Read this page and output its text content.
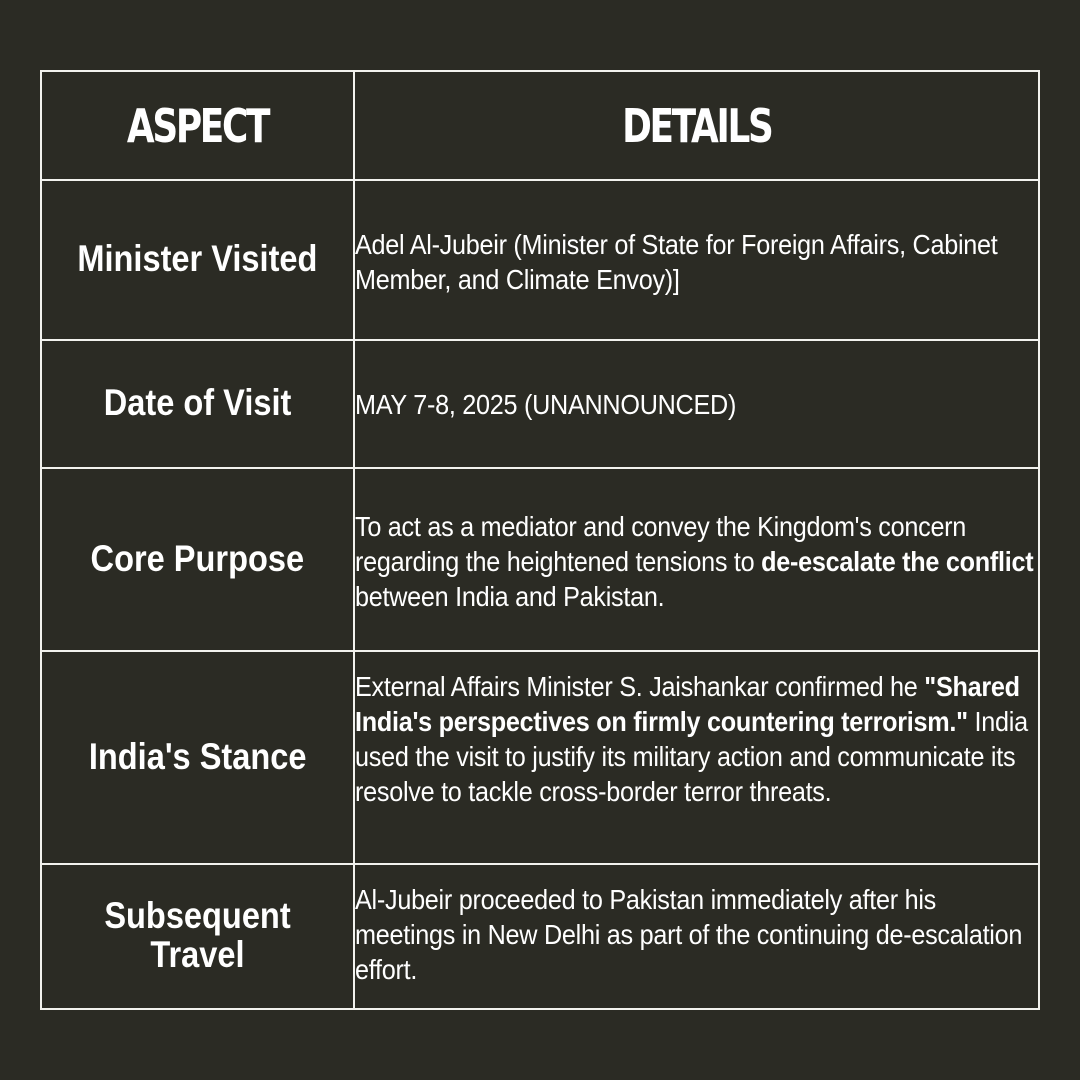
ASPECT	DETAILS
Minister Visited	Adel Al-Jubeir (Minister of State for Foreign Affairs, Cabinet Member, and Climate Envoy)]

Date of Visit	MAY 7-8, 2025 (UNANNOUNCED)

Core Purpose	To act as a mediator and convey the Kingdom's concern regarding the heightened tensions to de-escalate the conflict between India and Pakistan.

India's Stance	External Affairs Minister S. Jaishankar confirmed he "Shared India's perspectives on firmly countering terrorism." India used the visit to justify its military action and communicate its resolve to tackle cross-border terror threats.

Subsequent Travel	Al-Jubeir proceeded to Pakistan immediately after his meetings in New Delhi as part of the continuing de-escalation effort.
